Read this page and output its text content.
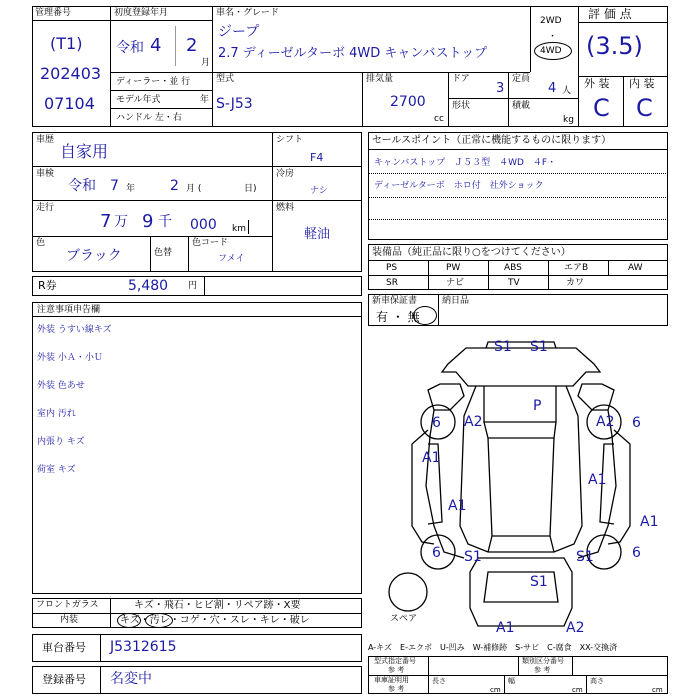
管理番号
(T1)
202403
07104
初度登録年月
令和 4 2
月
車名・グレード
ジープ
2.7 ディーゼルターボ 4WD キャンバストップ
2WD
・
4WD
評 価 点
(3.5)
外 装 内 装
C C
ディーラー・並 行
モデル年式	年
ハンドル 左・右
型式
S-J53
排気量
2700
cc
ドア
3
定員
4 人
形状	積載
kg
車歴
自家用
車検
令和 7 年 2 月 (	日)
走行
7 万 9 千 000 km
色
ブラック	色替
色コード
フメイ
シフト
F4
冷房
ナシ
燃料
軽油
R券	5,480 円
注意事項申告欄
外装 うすい線キズ
外装 小Ａ・小Ｕ
外装 色あせ
室内 汚れ
内張り キズ
荷室 キズ
セールスポイント（正常に機能するものに限ります）
キャンバストップ　Ｊ５３型　４WD　４F・
ディーゼルターボ　ホロ付　社外ショック
装備品（純正品に限り○をつけてください）
PS	PW	ABS	エアB	AW
SR	ナビ	TV	カワ
新車保証書
有 ・ 無
納日品
S1 S1
P
A2	A2
6	6
A1
A1
A1
A1
6	6
S1	S1
S1
A1	A2
スペア
フロントガラス	キズ・飛石・ヒビ割・リペア跡・X要
内装	キズ・汚レ・コゲ・穴・スレ・キレ・破レ
車台番号 J5312615
登録番号 名変中
A-キズ　E-エクボ　U-凹み　W-補修跡　S-サビ　C-腐食　XX-交換済
型式指定番号
参 考
類別区分番号
参 考
車庫証明用
参 考
長さ
cm
幅
cm
高さ
cm
